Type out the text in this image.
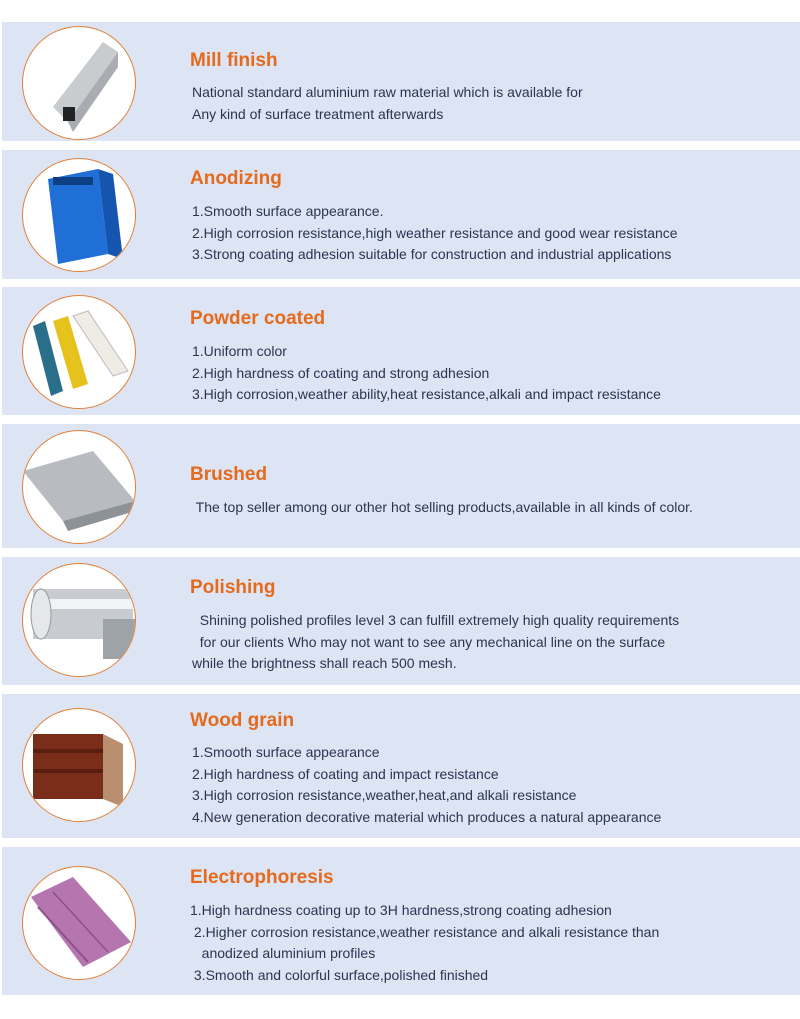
Mill finish
National standard aluminium raw material which is available for
Any kind of surface treatment afterwards
Anodizing
1.Smooth surface appearance.
2.High corrosion resistance,high weather resistance and good wear resistance
3.Strong coating adhesion suitable for construction and industrial applications
Powder coated
1.Uniform color
2.High hardness of coating and strong adhesion
3.High corrosion,weather ability,heat resistance,alkali and impact resistance
Brushed
The top seller among our other hot selling products,available in all kinds of color.
Polishing
Shining polished profiles level 3 can fulfill extremely high quality requirements
for our clients Who may not want to see any mechanical line on the surface
while the brightness shall reach 500 mesh.
Wood grain
1.Smooth surface appearance
2.High hardness of coating and impact resistance
3.High corrosion resistance,weather,heat,and alkali resistance
4.New generation decorative material which produces a natural appearance
Electrophoresis
1.High hardness coating up to 3H hardness,strong coating adhesion
2.Higher corrosion resistance,weather resistance and alkali resistance than
anodized aluminium profiles
3.Smooth and colorful surface,polished finished
